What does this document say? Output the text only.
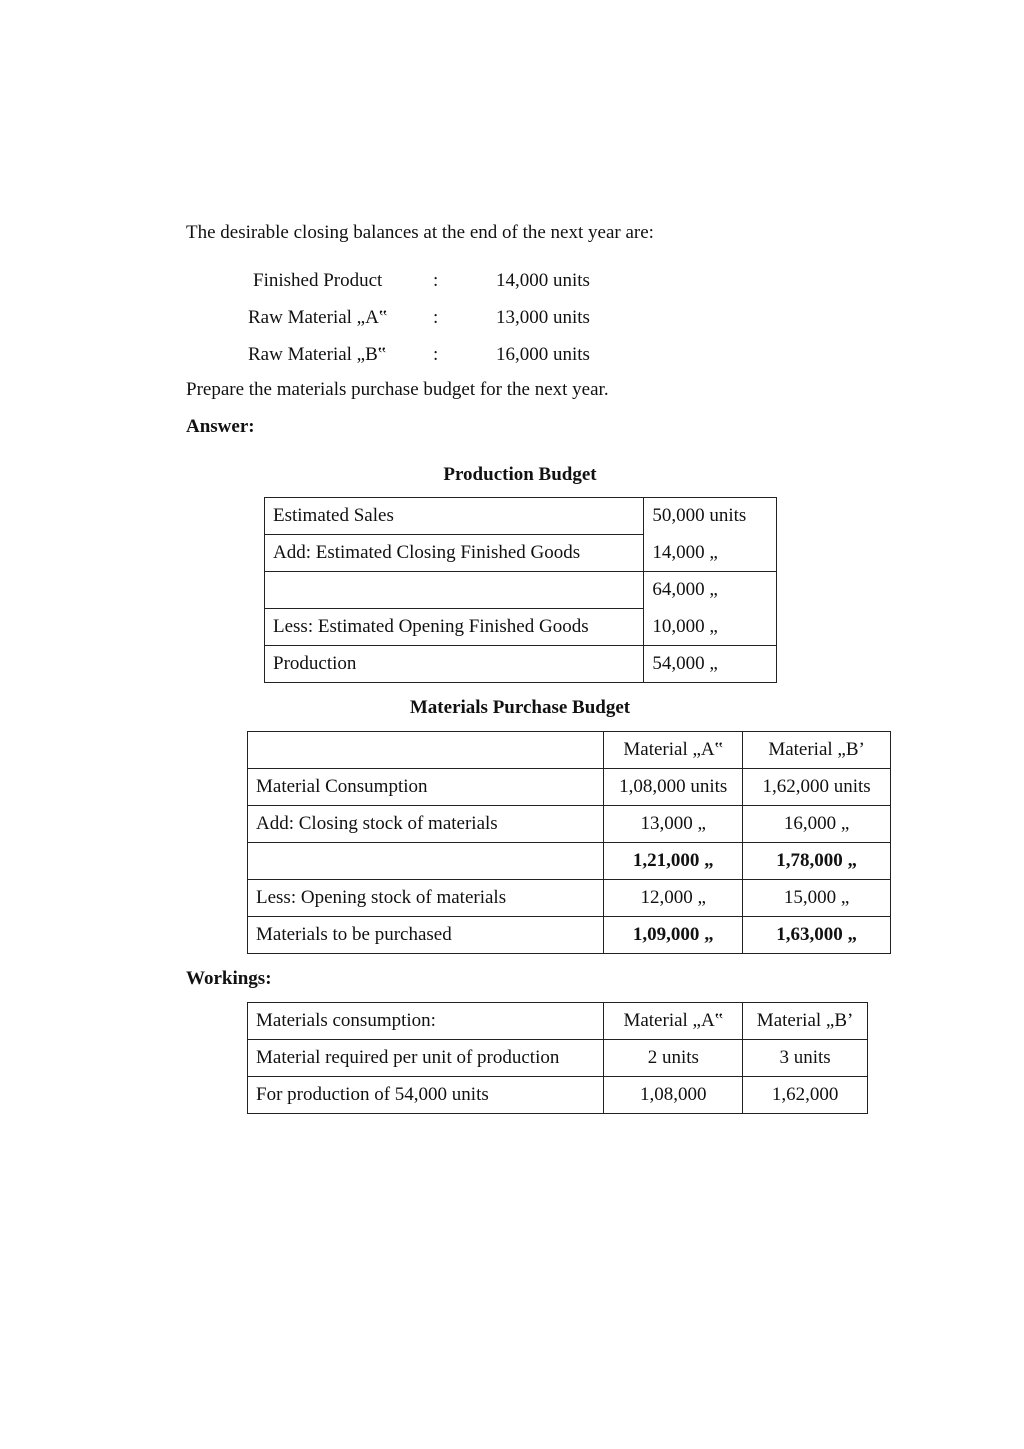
The desirable closing balances at the end of the next year are:
Finished Product	:	14,000 units
Raw Material „A‟ :	13,000 units
Raw Material „B‟ :	16,000 units
Prepare the materials purchase budget for the next year.
Answer:
Production Budget
Estimated Sales	50,000 units
Add: Estimated Closing Finished Goods	14,000 „
	64,000 „
Less: Estimated Opening Finished Goods	10,000 „
Production	54,000 „
Materials Purchase Budget
	Material „A‟	Material „B’
Material Consumption	1,08,000 units	1,62,000 units
Add: Closing stock of materials	13,000 „	16,000 „
	1,21,000 „	1,78,000 „
Less: Opening stock of materials	12,000 „	15,000 „
Materials to be purchased	1,09,000 „	1,63,000 „
Workings:
Materials consumption:	Material „A‟	Material „B’
Material required per unit of production	2 units	3 units
For production of 54,000 units	1,08,000	1,62,000
